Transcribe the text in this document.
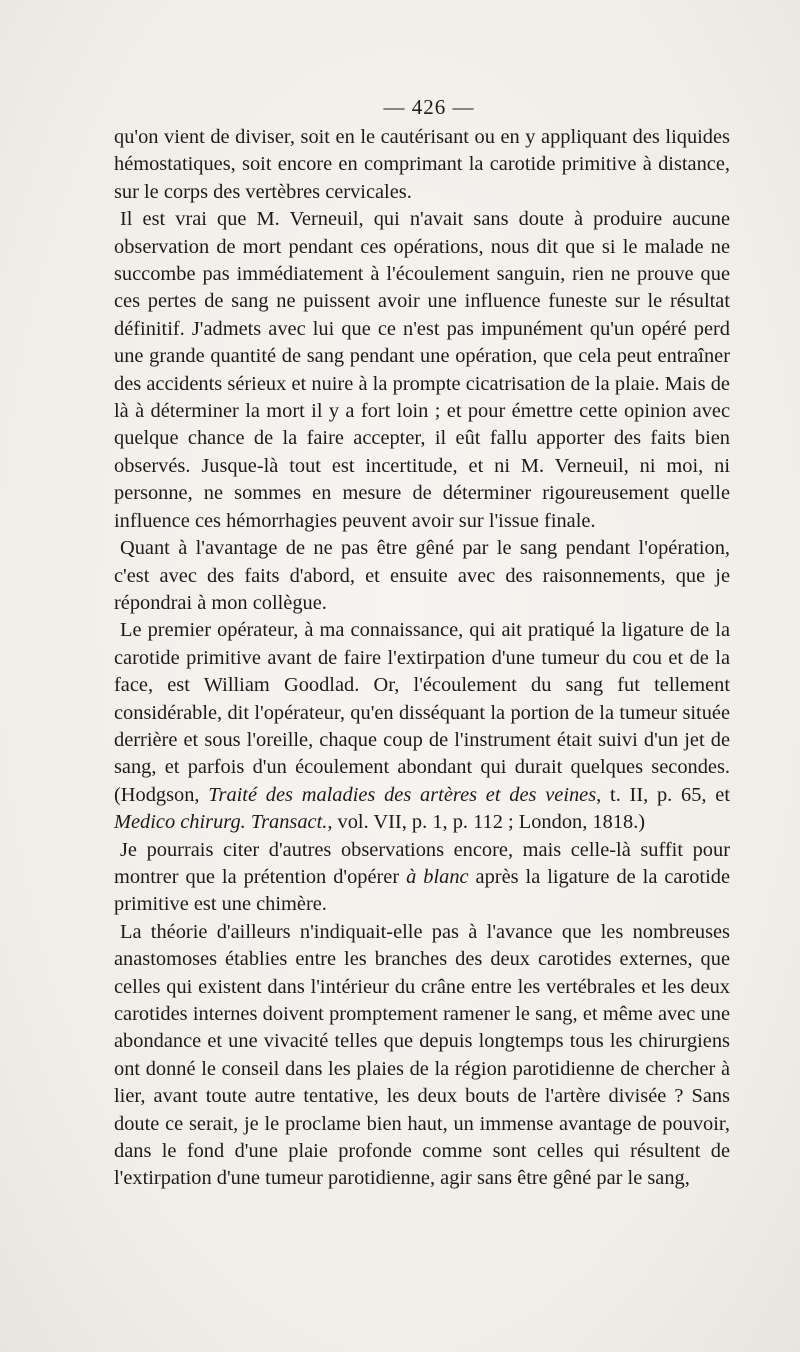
— 426 —

qu'on vient de diviser, soit en le cautérisant ou en y appliquant des liquides hémostatiques, soit encore en comprimant la carotide primitive à distance, sur le corps des vertèbres cervicales.

Il est vrai que M. Verneuil, qui n'avait sans doute à produire aucune observation de mort pendant ces opérations, nous dit que si le malade ne succombe pas immédiatement à l'écoulement sanguin, rien ne prouve que ces pertes de sang ne puissent avoir une influence funeste sur le résultat définitif. J'admets avec lui que ce n'est pas impunément qu'un opéré perd une grande quantité de sang pendant une opération, que cela peut entraîner des accidents sérieux et nuire à la prompte cicatrisation de la plaie. Mais de là à déterminer la mort il y a fort loin ; et pour émettre cette opinion avec quelque chance de la faire accepter, il eût fallu apporter des faits bien observés. Jusque-là tout est incertitude, et ni M. Verneuil, ni moi, ni personne, ne sommes en mesure de déterminer rigoureusement quelle influence ces hémorrhagies peuvent avoir sur l'issue finale.

Quant à l'avantage de ne pas être gêné par le sang pendant l'opération, c'est avec des faits d'abord, et ensuite avec des raisonnements, que je répondrai à mon collègue.

Le premier opérateur, à ma connaissance, qui ait pratiqué la ligature de la carotide primitive avant de faire l'extirpation d'une tumeur du cou et de la face, est William Goodlad. Or, l'écoulement du sang fut tellement considérable, dit l'opérateur, qu'en disséquant la portion de la tumeur située derrière et sous l'oreille, chaque coup de l'instrument était suivi d'un jet de sang, et parfois d'un écoulement abondant qui durait quelques secondes. (Hodgson, Traité des maladies des artères et des veines, t. II, p. 65, et Medico chirurg. Transact., vol. VII, p. 1, p. 112 ; London, 1818.)

Je pourrais citer d'autres observations encore, mais celle-là suffit pour montrer que la prétention d'opérer à blanc après la ligature de la carotide primitive est une chimère.

La théorie d'ailleurs n'indiquait-elle pas à l'avance que les nombreuses anastomoses établies entre les branches des deux carotides externes, que celles qui existent dans l'intérieur du crâne entre les vertébrales et les deux carotides internes doivent promptement ramener le sang, et même avec une abondance et une vivacité telles que depuis longtemps tous les chirurgiens ont donné le conseil dans les plaies de la région parotidienne de chercher à lier, avant toute autre tentative, les deux bouts de l'artère divisée ? Sans doute ce serait, je le proclame bien haut, un immense avantage de pouvoir, dans le fond d'une plaie profonde comme sont celles qui résultent de l'extirpation d'une tumeur parotidienne, agir sans être gêné par le sang,
